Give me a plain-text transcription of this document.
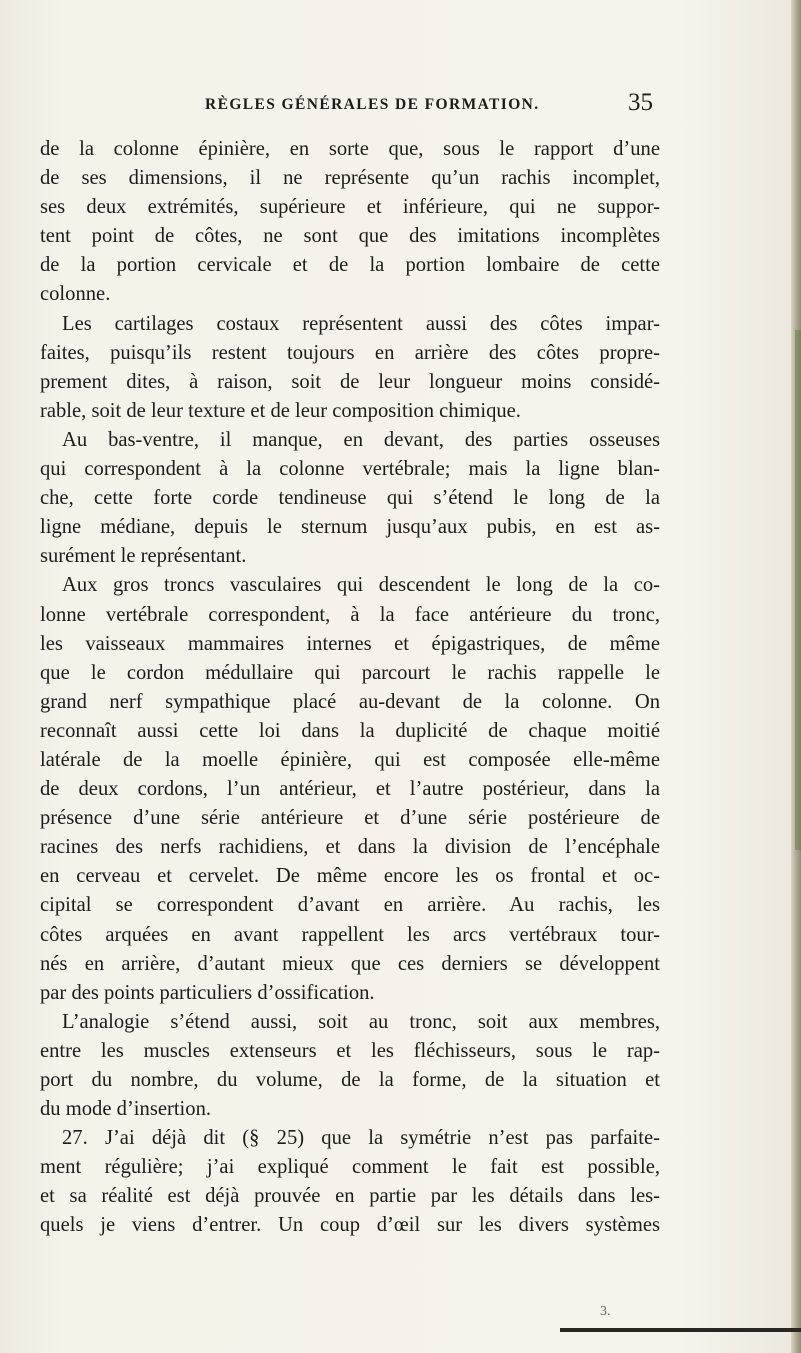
RÈGLES GÉNÉRALES DE FORMATION.	35
de la colonne épinière, en sorte que, sous le rapport d’une
de ses dimensions, il ne représente qu’un rachis incomplet,
ses deux extrémités, supérieure et inférieure, qui ne suppor-
tent point de côtes, ne sont que des imitations incomplètes
de la portion cervicale et de la portion lombaire de cette
colonne.
Les cartilages costaux représentent aussi des côtes impar-
faites, puisqu’ils restent toujours en arrière des côtes propre-
prement dites, à raison, soit de leur longueur moins considé-
rable, soit de leur texture et de leur composition chimique.
Au bas-ventre, il manque, en devant, des parties osseuses
qui correspondent à la colonne vertébrale; mais la ligne blan-
che, cette forte corde tendineuse qui s’étend le long de la
ligne médiane, depuis le sternum jusqu’aux pubis, en est as-
surément le représentant.
Aux gros troncs vasculaires qui descendent le long de la co-
lonne vertébrale correspondent, à la face antérieure du tronc,
les vaisseaux mammaires internes et épigastriques, de même
que le cordon médullaire qui parcourt le rachis rappelle le
grand nerf sympathique placé au-devant de la colonne. On
reconnaît aussi cette loi dans la duplicité de chaque moitié
latérale de la moelle épinière, qui est composée elle-même
de deux cordons, l’un antérieur, et l’autre postérieur, dans la
présence d’une série antérieure et d’une série postérieure de
racines des nerfs rachidiens, et dans la division de l’encéphale
en cerveau et cervelet. De même encore les os frontal et oc-
cipital se correspondent d’avant en arrière. Au rachis, les
côtes arquées en avant rappellent les arcs vertébraux tour-
nés en arrière, d’autant mieux que ces derniers se développent
par des points particuliers d’ossification.
L’analogie s’étend aussi, soit au tronc, soit aux membres,
entre les muscles extenseurs et les fléchisseurs, sous le rap-
port du nombre, du volume, de la forme, de la situation et
du mode d’insertion.
27. J’ai déjà dit (§ 25) que la symétrie n’est pas parfaite-
ment régulière; j’ai expliqué comment le fait est possible,
et sa réalité est déjà prouvée en partie par les détails dans les-
quels je viens d’entrer. Un coup d’œil sur les divers systèmes
3.
